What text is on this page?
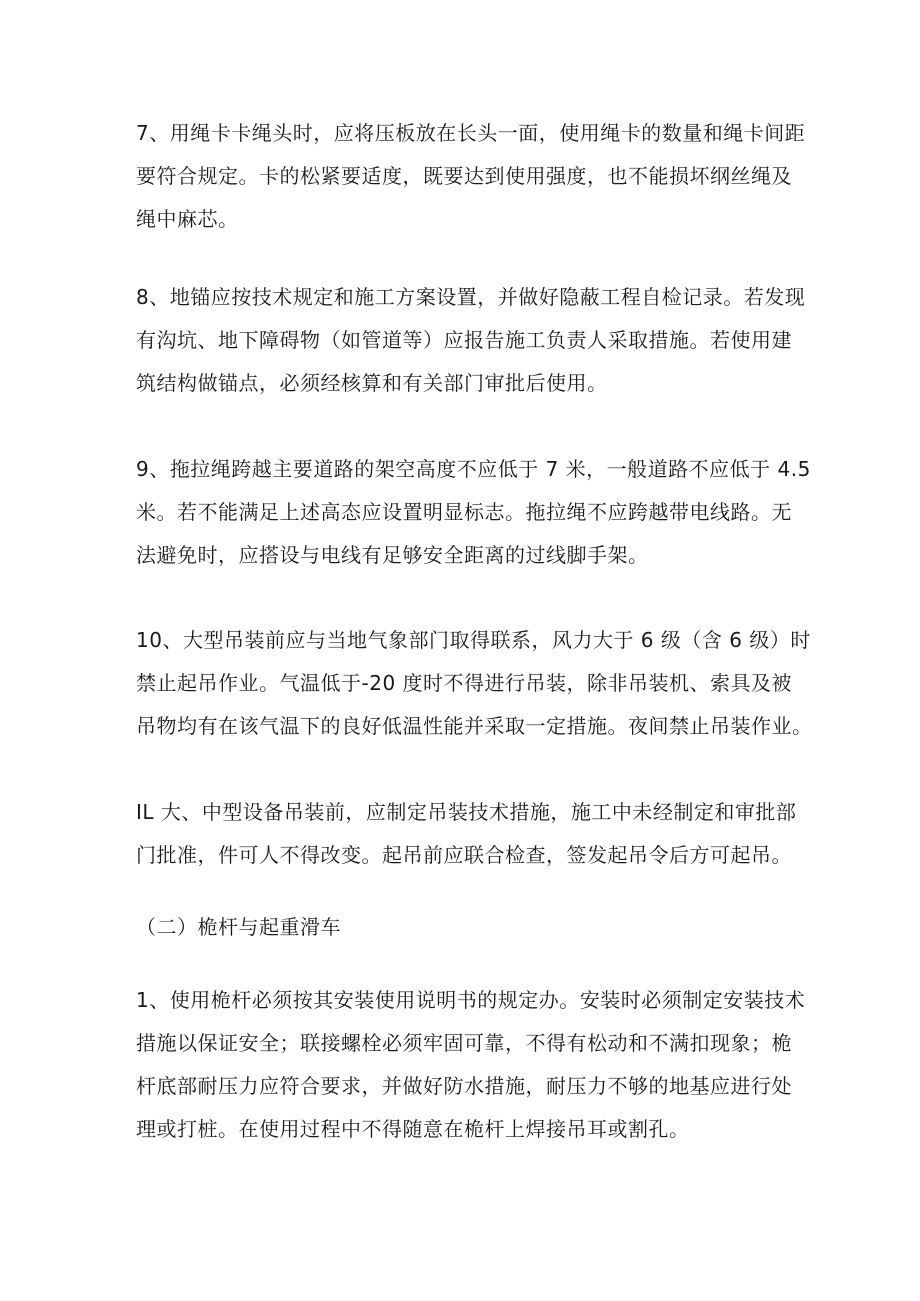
7、用绳卡卡绳头时，应将压板放在长头一面，使用绳卡的数量和绳卡间距
要符合规定。卡的松紧要适度，既要达到使用强度，也不能损坏纲丝绳及
绳中麻芯。

8、地锚应按技术规定和施工方案设置，并做好隐蔽工程自检记录。若发现
有沟坑、地下障碍物（如管道等）应报告施工负责人采取措施。若使用建
筑结构做锚点，必须经核算和有关部门审批后使用。

9、拖拉绳跨越主要道路的架空高度不应低于 7 米，一般道路不应低于 4.5
米。若不能满足上述高态应设置明显标志。拖拉绳不应跨越带电线路。无
法避免时，应搭设与电线有足够安全距离的过线脚手架。

10、大型吊装前应与当地气象部门取得联系，风力大于 6 级（含 6 级）时
禁止起吊作业。气温低于-20 度时不得进行吊装，除非吊装机、索具及被
吊物均有在该气温下的良好低温性能并采取一定措施。夜间禁止吊装作业。

IL 大、中型设备吊装前，应制定吊装技术措施，施工中未经制定和审批部
门批准，件可人不得改变。起吊前应联合检查，签发起吊令后方可起吊。

（二）桅杆与起重滑车

1、使用桅杆必须按其安装使用说明书的规定办。安装时必须制定安装技术
措施以保证安全；联接螺栓必须牢固可靠，不得有松动和不满扣现象；桅
杆底部耐压力应符合要求，并做好防水措施，耐压力不够的地基应进行处
理或打桩。在使用过程中不得随意在桅杆上焊接吊耳或割孔。
